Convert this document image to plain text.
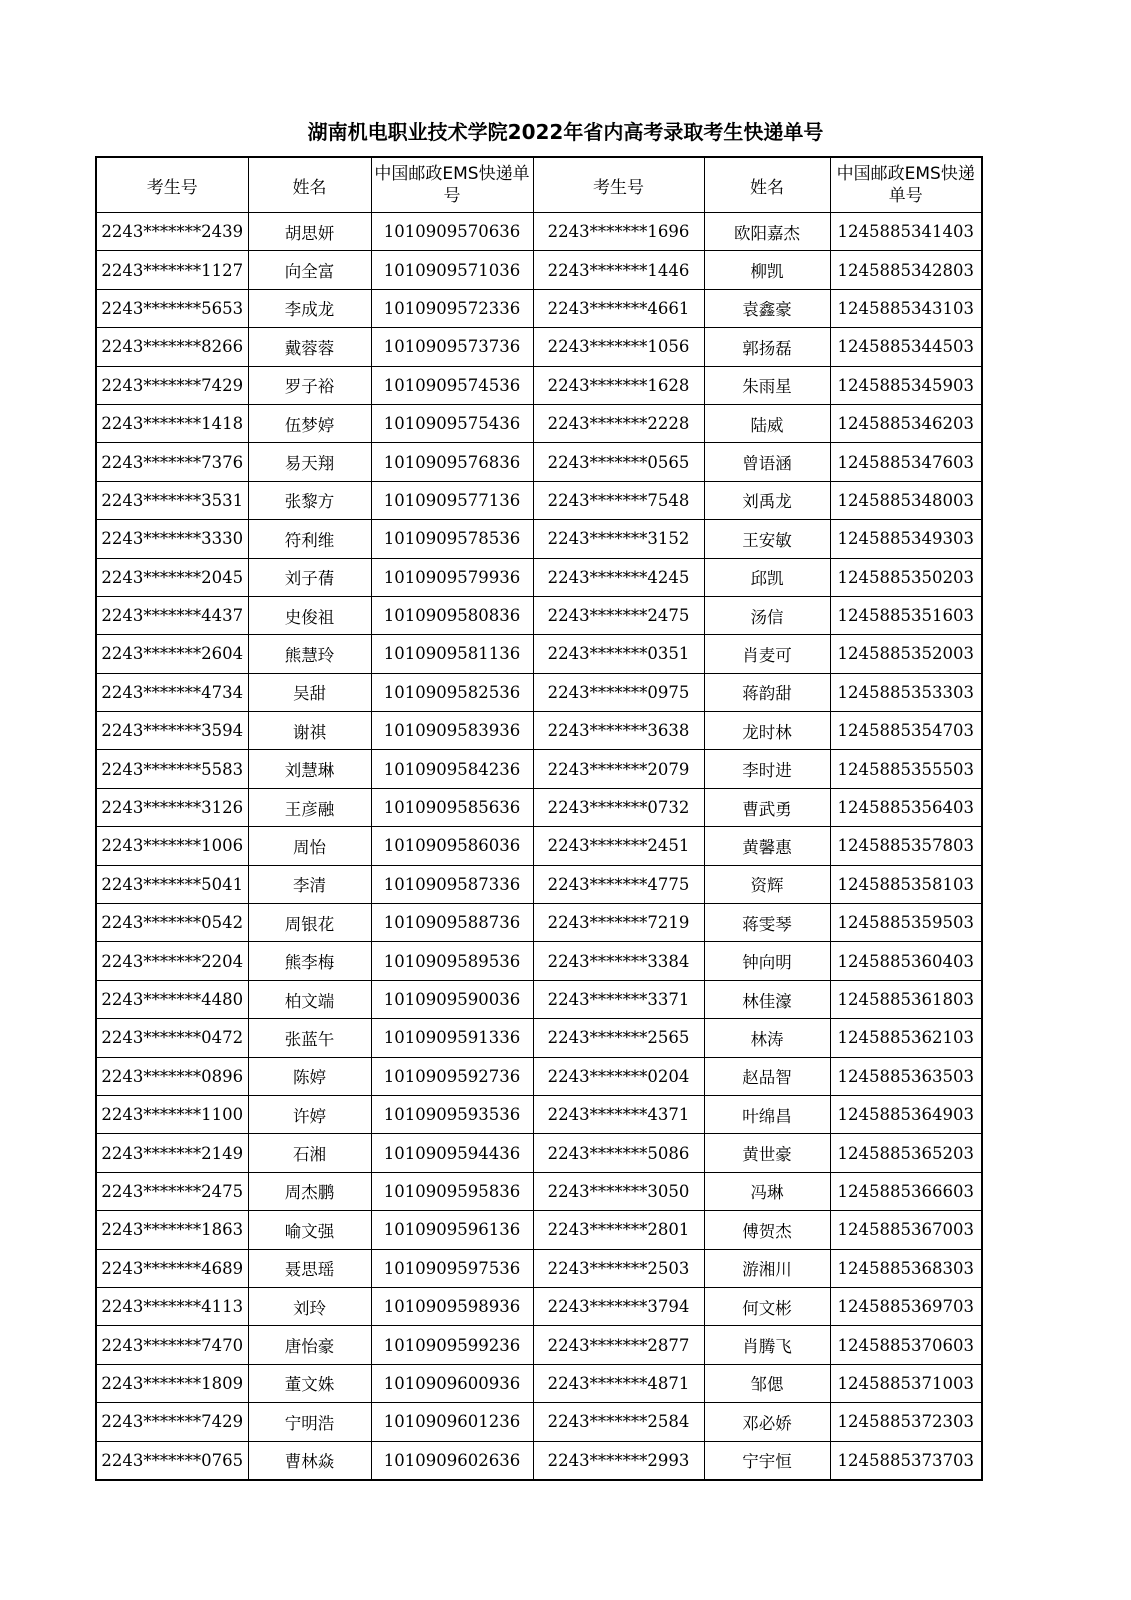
湖南机电职业技术学院2022年省内高考录取考生快递单号
考生号	姓名	中国邮政EMS快递单号	考生号	姓名	中国邮政EMS快递单号
2243*******2439	胡思妍	1010909570636	2243*******1696	欧阳嘉杰	1245885341403
2243*******1127	向全富	1010909571036	2243*******1446	柳凯	1245885342803
2243*******5653	李成龙	1010909572336	2243*******4661	袁鑫豪	1245885343103
2243*******8266	戴蓉蓉	1010909573736	2243*******1056	郭扬磊	1245885344503
2243*******7429	罗子裕	1010909574536	2243*******1628	朱雨星	1245885345903
2243*******1418	伍梦婷	1010909575436	2243*******2228	陆威	1245885346203
2243*******7376	易天翔	1010909576836	2243*******0565	曾语涵	1245885347603
2243*******3531	张黎方	1010909577136	2243*******7548	刘禹龙	1245885348003
2243*******3330	符利维	1010909578536	2243*******3152	王安敏	1245885349303
2243*******2045	刘子蒨	1010909579936	2243*******4245	邱凯	1245885350203
2243*******4437	史俊祖	1010909580836	2243*******2475	汤信	1245885351603
2243*******2604	熊慧玲	1010909581136	2243*******0351	肖麦可	1245885352003
2243*******4734	吴甜	1010909582536	2243*******0975	蒋韵甜	1245885353303
2243*******3594	谢祺	1010909583936	2243*******3638	龙时林	1245885354703
2243*******5583	刘慧琳	1010909584236	2243*******2079	李时进	1245885355503
2243*******3126	王彦融	1010909585636	2243*******0732	曹武勇	1245885356403
2243*******1006	周怡	1010909586036	2243*******2451	黄馨惠	1245885357803
2243*******5041	李清	1010909587336	2243*******4775	资辉	1245885358103
2243*******0542	周银花	1010909588736	2243*******7219	蒋雯琴	1245885359503
2243*******2204	熊李梅	1010909589536	2243*******3384	钟向明	1245885360403
2243*******4480	柏文端	1010909590036	2243*******3371	林佳濠	1245885361803
2243*******0472	张蓝午	1010909591336	2243*******2565	林涛	1245885362103
2243*******0896	陈婷	1010909592736	2243*******0204	赵品智	1245885363503
2243*******1100	许婷	1010909593536	2243*******4371	叶绵昌	1245885364903
2243*******2149	石湘	1010909594436	2243*******5086	黄世豪	1245885365203
2243*******2475	周杰鹏	1010909595836	2243*******3050	冯琳	1245885366603
2243*******1863	喻文强	1010909596136	2243*******2801	傅贺杰	1245885367003
2243*******4689	聂思瑶	1010909597536	2243*******2503	游湘川	1245885368303
2243*******4113	刘玲	1010909598936	2243*******3794	何文彬	1245885369703
2243*******7470	唐怡豪	1010909599236	2243*******2877	肖腾飞	1245885370603
2243*******1809	董文姝	1010909600936	2243*******4871	邹偲	1245885371003
2243*******7429	宁明浩	1010909601236	2243*******2584	邓必娇	1245885372303
2243*******0765	曹林焱	1010909602636	2243*******2993	宁宇恒	1245885373703
